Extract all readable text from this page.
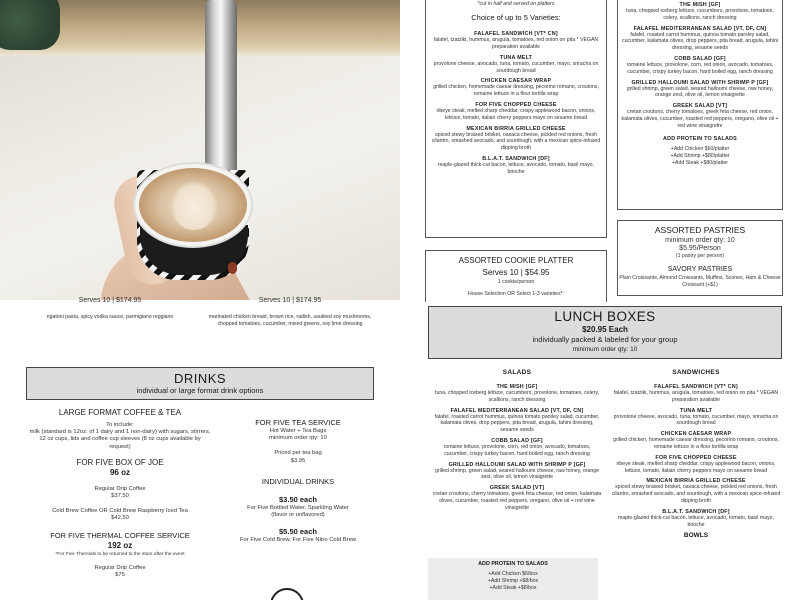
Serves 10 | $174.95
rigatoni pasta, spicy vodka sauce, parmigiano reggiano
Serves 10 | $174.95
marinated chicken breast, brown rice, radish, sautéed soy mushrooms, chopped tomatoes, cucumber, mixed greens, soy lime dressing
*cut in half and served on platters
Choice of up to 5 Varieties:
FALAFEL SANDWICH [VT* CN]
falafel, tzatziki, hummus, arugula, tomatoes, red onion on pita * VEGAN preparation available
TUNA MELT
provolone cheese, avocado, tuna, tomato, cucumber, mayo, sriracha on sourdough bread
CHICKEN CAESAR WRAP
grilled chicken, homemade caesar dressing, pecorino romano, croutons, romaine lettuce in a flour tortilla wrap
FOR FIVE CHOPPED CHEESE
ribeye steak, melted sharp cheddar, crispy applewood bacon, onions, lettuce, tomato, italian cherry peppers mayo on sesame bread
MEXICAN BIRRIA GRILLED CHEESE
spiced stewy braised brisket, oaxaca cheese, pickled red onions, fresh cilantro, smashed avocado, and sourdough, with a mexican spice-infused dipping broth
B.L.A.T. SANDWICH [DF]
maple-glazed thick-cut bacon, lettuce, avocado, tomato, basil mayo, brioche
ASSORTED COOKIE PLATTER
Serves 10 | $54.95
1 cookie/person
House Selection OR Select 1-3 varieties*:
THE MISH [GF]
tuna, chopped iceberg lettuce, cucumbers, provolone, tomatoes, celery, scallions, ranch dressing
FALAFEL MEDITERRANEAN SALAD [VT, DF, CN]
falafel, roasted carrot hummus, quinoa tomato parsley salad, cucumber, kalamata olives, drop peppers, pita bread, arugula, tahini dressing, sesame seeds
COBB SALAD [GF]
romaine lettuce, provolone, corn, red onion, avocado, tomatoes, cucumber, crispy turkey bacon, hard boiled egg, ranch dressing
GRILLED HALLOUMI SALAD WITH SHRIMP P [GF]
grilled shrimp, green salad, seared halloumi cheese, raw honey, orange zest, olive oil, lemon vinaigrette
GREEK SALAD [VT]
cretan croutons, cherry tomatoes, greek feta cheese, red onion, kalamata olives, cucumber, roasted red peppers, oregano, olive oil + red wine vinaigrette
ADD PROTEIN TO SALADS
+Add Chicken $60/platter
+Add Shrimp +$80/platter
+Add Steak +$80/platter
ASSORTED PASTRIES
minimum order qty: 10
$5.95/Person
(1 pastry per person)
SAVORY PASTRIES
Plain Croissants, Almond Croissants, Muffins, Scones, Ham & Cheese Croissant (+$1)
DRINKS
individual or large format drink options
LARGE FORMAT COFFEE & TEA
To include:
milk (standard is 12oz. of 1 dairy and 1 non-dairy) with sugars, stirrers, 12 oz cups, lids and coffee cup sleeves (8 oz cups available by request)
FOR FIVE BOX OF JOE
96 oz
Regular Drip Coffee
$37.50
Cold Brew Coffee OR Cold Brew Raspberry Iced Tea
$42.50
FOR FIVE THERMAL COFFEE SERVICE
192 oz
*For Five Thermals to be returned to the store after the event
Regular Drip Coffee
$75
FOR FIVE TEA SERVICE
Hot Water + Tea Bags
minimum order qty: 10
Priced per tea bag
$3.95
INDIVIDUAL DRINKS
$3.50 each
For Five Bottled Water, Sparkling Water (flavor or unflavored)
$5.50 each
For Five Cold Brew, For Five Nitro Cold Brew
LUNCH BOXES
$20.95 Each
individually packed & labeled for your group
minimum order qty: 10
SALADS
THE MISH [GF]
tuna, chopped iceberg lettuce, cucumbers, provolone, tomatoes, celery, scallions, ranch dressing
FALAFEL MEDITERRANEAN SALAD [VT, DF, CN]
falafel, roasted carrot hummus, quinoa tomato parsley salad, cucumber, kalamata olives, drop peppers, pita bread, arugula, tahini dressing, sesame seeds
COBB SALAD [GF]
romaine lettuce, provolone, corn, red onion, avocado, tomatoes, cucumber, crispy turkey bacon, hard boiled egg, ranch dressing
GRILLED HALLOUMI SALAD WITH SHRIMP P [GF]
grilled shrimp, green salad, seared halloumi cheese, raw honey, orange zest, olive oil, lemon vinaigrette
GREEK SALAD [VT]
cretan croutons, cherry tomatoes, greek feta cheese, red onion, kalamata olives, cucumber, roasted red peppers, oregano, olive oil + red wine vinaigrette
ADD PROTEIN TO SALADS
+Add Chicken $6/box
+Add Shrimp +$8/box
+Add Steak +$8/box
SANDWICHES
FALAFEL SANDWICH [VT* CN]
falafel, tzatziki, hummus, arugula, tomatoes, red onion on pita * VEGAN preparation available
TUNA MELT
provolone cheese, avocado, tuna, tomato, cucumber, mayo, sriracha on sourdough bread
CHICKEN CAESAR WRAP
grilled chicken, homemade caesar dressing, pecorino romano, croutons, romaine lettuce in a flour tortilla wrap
FOR FIVE CHOPPED CHEESE
ribeye steak, melted sharp cheddar, crispy applewood bacon, onions, lettuce, tomato, italian cherry peppers mayo on sesame bread
MEXICAN BIRRIA GRILLED CHEESE
spiced stewy braised brisket, oaxaca cheese, pickled red onions, fresh cilantro, smashed avocado, and sourdough, with a mexican spice-infused dipping broth
B.L.A.T. SANDWICH [DF]
maple-glazed thick-cut bacon, lettuce, avocado, tomato, basil mayo, brioche
BOWLS
